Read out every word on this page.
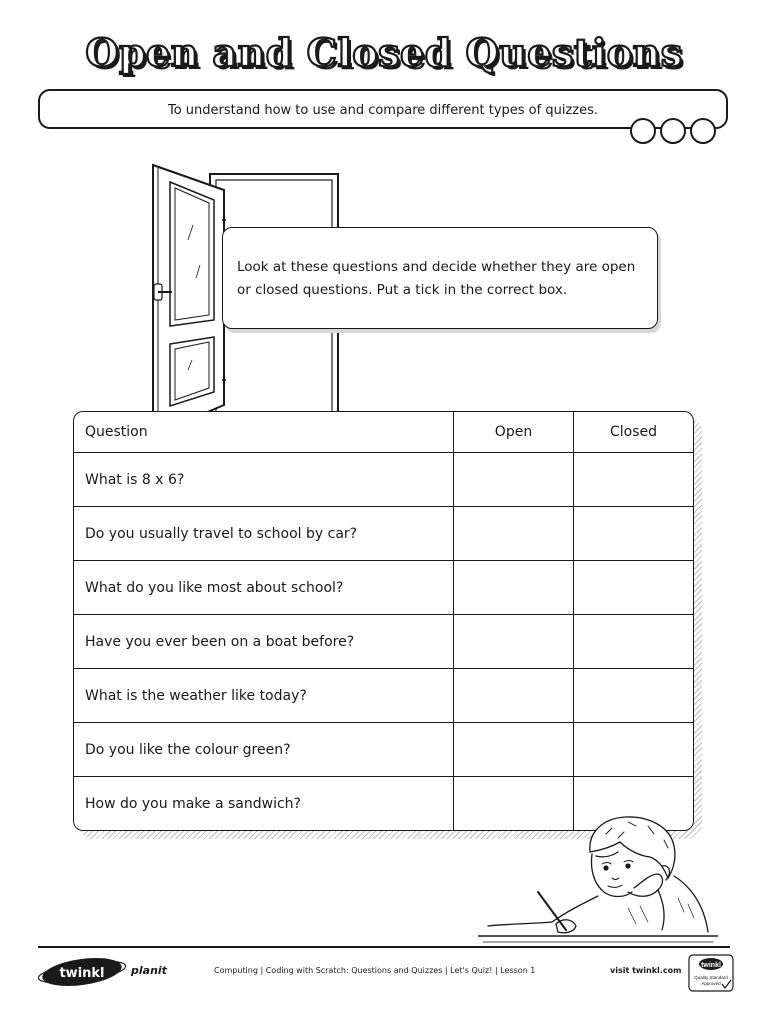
Open and Closed Questions
To understand how to use and compare different types of quizzes.
Look at these questions and decide whether they are open or closed questions. Put a tick in the correct box.
Question	Open	Closed
What is 8 x 6?
Do you usually travel to school by car?
What do you like most about school?
Have you ever been on a boat before?
What is the weather like today?
Do you like the colour green?
How do you make a sandwich?
twinkl planit	Computing | Coding with Scratch: Questions and Quizzes | Let's Quiz! | Lesson 1	visit twinkl.com
twinkl
Quality Standard
Approved
